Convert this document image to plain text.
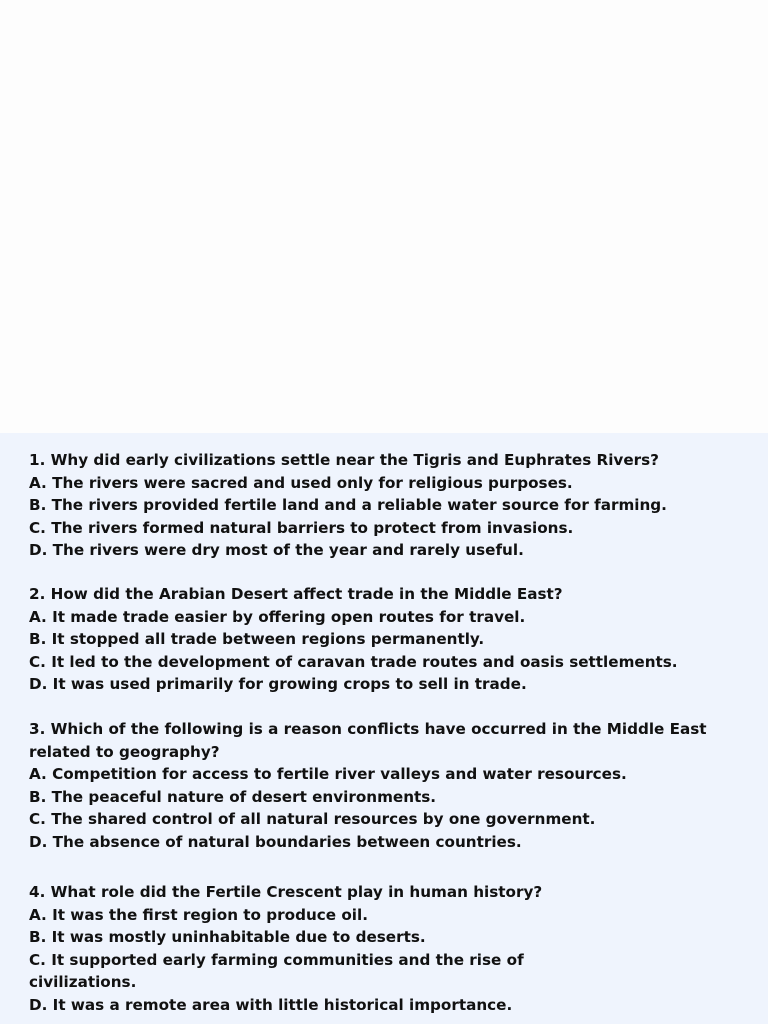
1. Why did early civilizations settle near the Tigris and Euphrates Rivers?
A. The rivers were sacred and used only for religious purposes.
B. The rivers provided fertile land and a reliable water source for farming.
C. The rivers formed natural barriers to protect from invasions.
D. The rivers were dry most of the year and rarely useful.
2. How did the Arabian Desert affect trade in the Middle East?
A. It made trade easier by offering open routes for travel.
B. It stopped all trade between regions permanently.
C. It led to the development of caravan trade routes and oasis settlements.
D. It was used primarily for growing crops to sell in trade.
3. Which of the following is a reason conflicts have occurred in the Middle East related to geography?
A. Competition for access to fertile river valleys and water resources.
B. The peaceful nature of desert environments.
C. The shared control of all natural resources by one government.
D. The absence of natural boundaries between countries.
4. What role did the Fertile Crescent play in human history?
A. It was the first region to produce oil.
B. It was mostly uninhabitable due to deserts.
C. It supported early farming communities and the rise of civilizations.
D. It was a remote area with little historical importance.
